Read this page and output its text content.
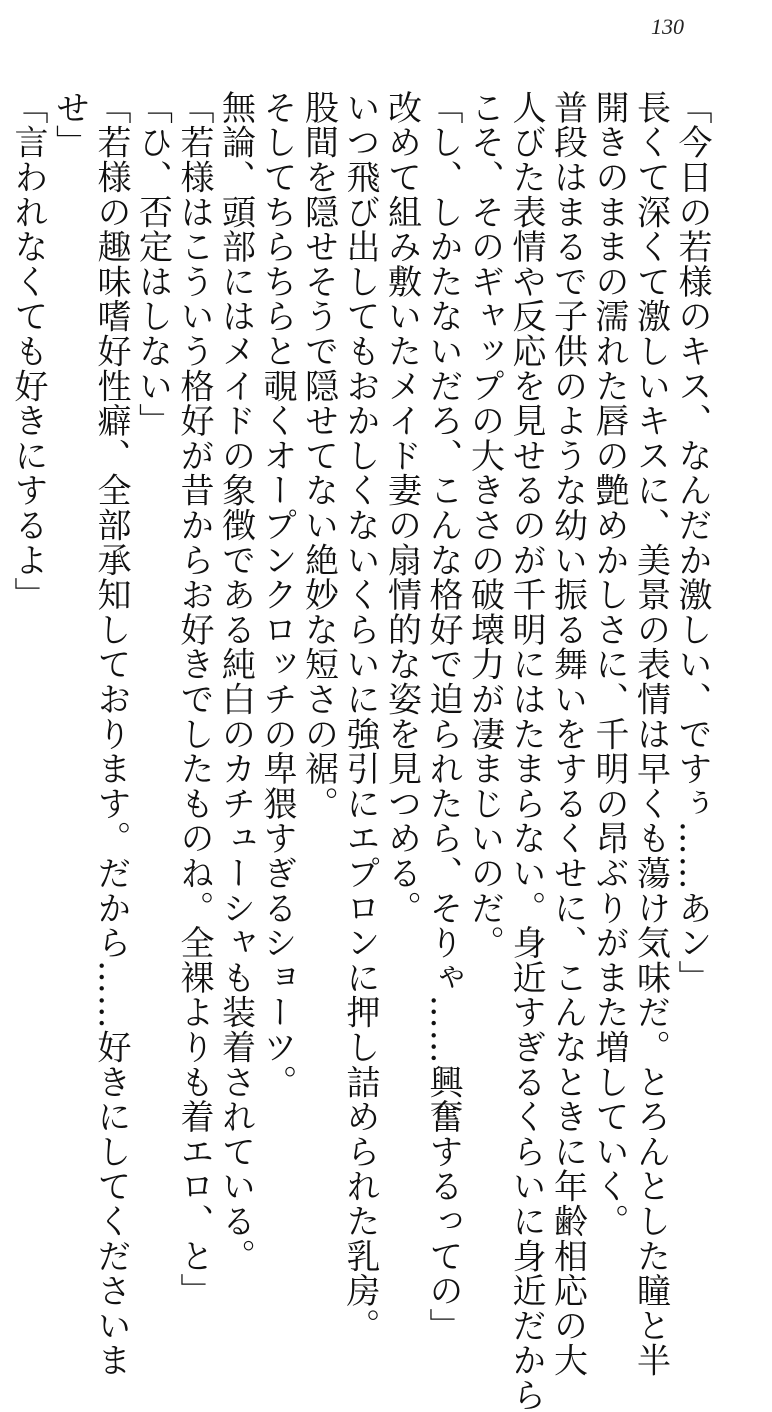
130
「今日の若様のキス、なんだか激しい、ですぅ……あン」
長くて深くて激しいキスに、美景の表情は早くも蕩け気味だ。とろんとした瞳と半
開きのままの濡れた唇の艶めかしさに、千明の昂ぶりがまた増していく。
普段はまるで子供のような幼い振る舞いをするくせに、こんなときに年齢相応の大
人びた表情や反応を見せるのが千明にはたまらない。身近すぎるくらいに身近だから
こそ、そのギャップの大きさの破壊力が凄まじいのだ。
「し、しかたないだろ、こんな格好で迫られたら、そりゃ……興奮するっての」
改めて組み敷いたメイド妻の扇情的な姿を見つめる。
いつ飛び出してもおかしくないくらいに強引にエプロンに押し詰められた乳房。
股間を隠せそうで隠せてない絶妙な短さの裾。
そしてちらちらと覗くオープンクロッチの卑猥すぎるショーツ。
無論、頭部にはメイドの象徴である純白のカチューシャも装着されている。
「若様はこういう格好が昔からお好きでしたものね。全裸よりも着エロ、と」
「ひ、否定はしない」
「若様の趣味嗜好性癖、全部承知しております。だから……好きにしてくださいま
せ」
「言われなくても好きにするよ」
